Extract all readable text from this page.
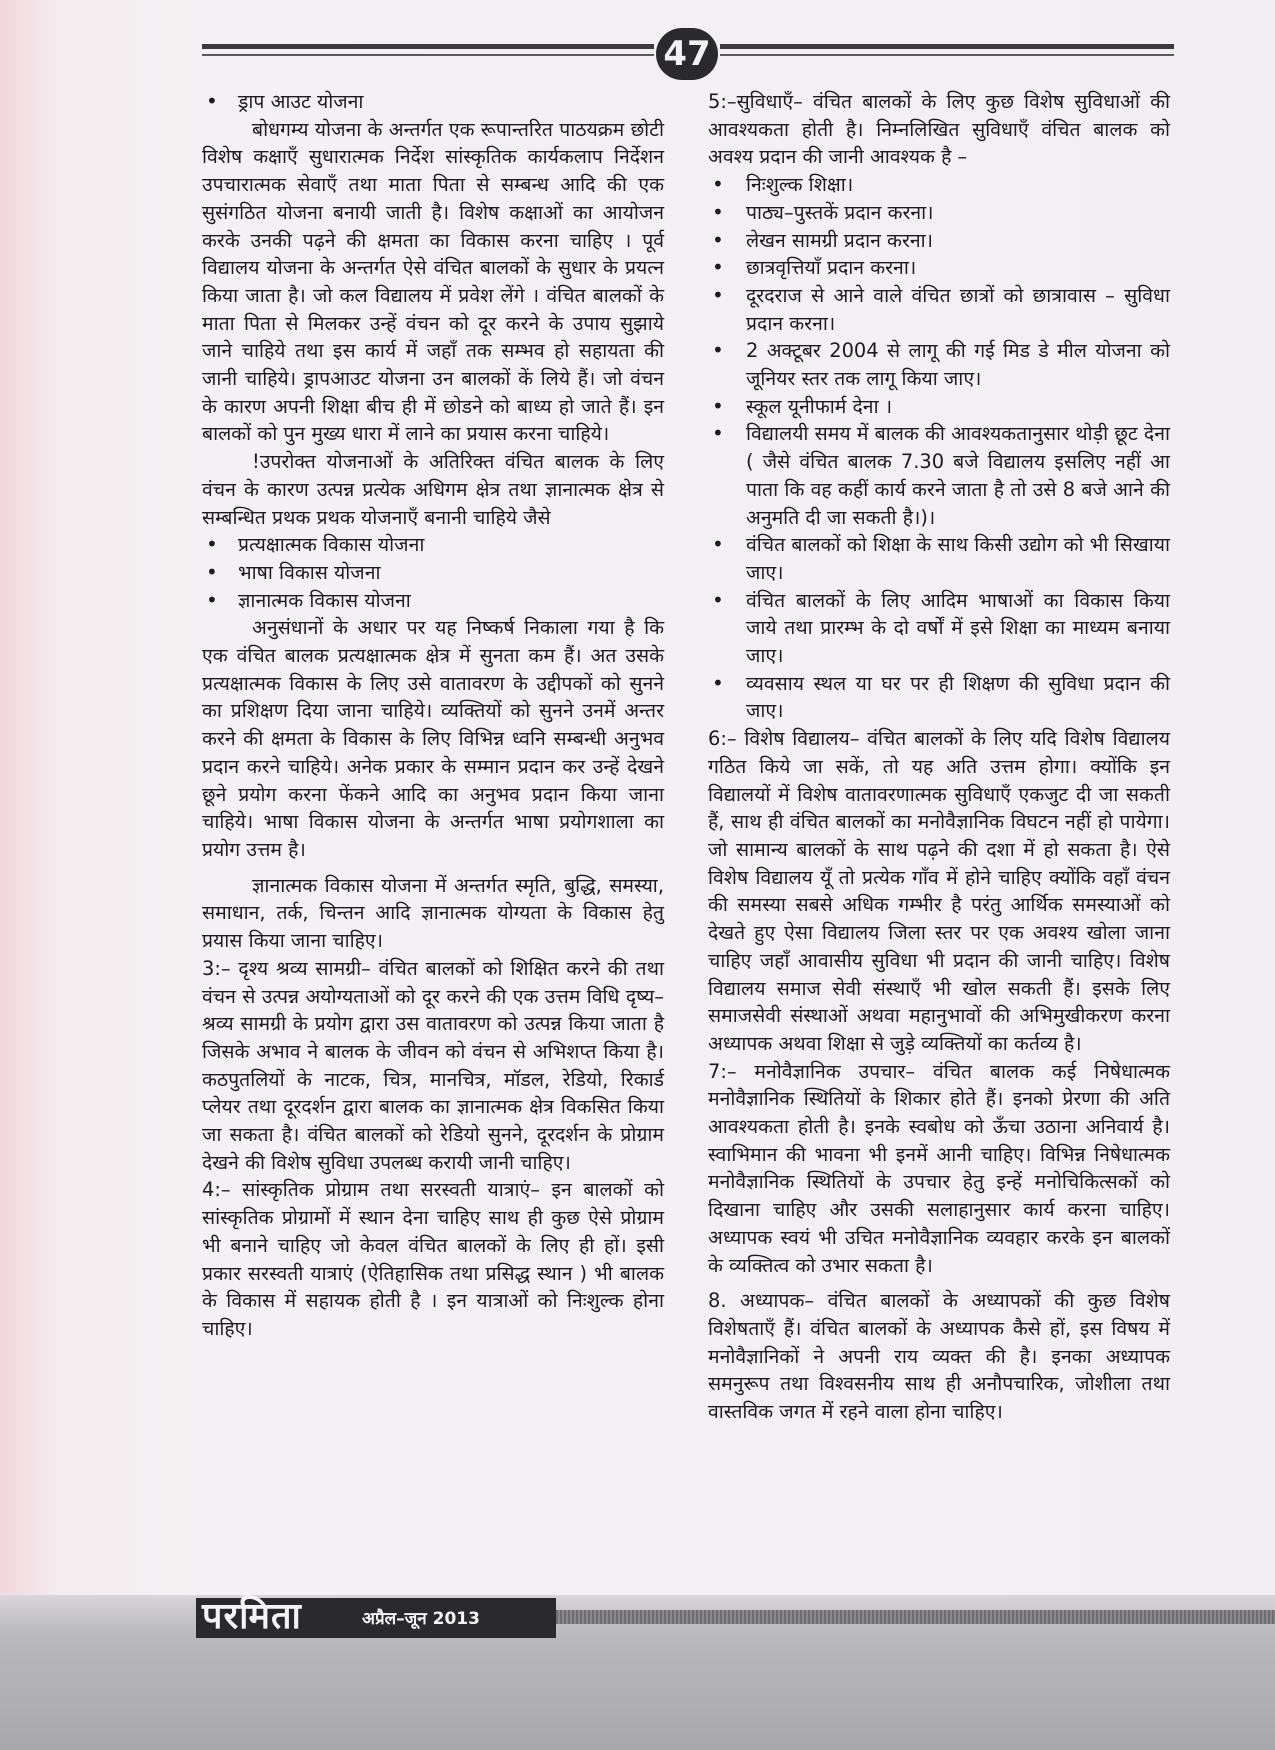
47
• ड्राप आउट योजना

बोधगम्य योजना के अन्तर्गत एक रूपान्तरित पाठयक्रम छोटी विशेष कक्षाएँ सुधारात्मक निर्देश सांस्कृतिक कार्यकलाप निर्देशन उपचारात्मक सेवाएँ तथा माता पिता से सम्बन्ध आदि की एक सुसंगठित योजना बनायी जाती है। विशेष कक्षाओं का आयोजन करके उनकी पढ़ने की क्षमता का विकास करना चाहिए । पूर्व विद्यालय योजना के अन्तर्गत ऐसे वंचित बालकों के सुधार के प्रयत्न किया जाता है। जो कल विद्यालय में प्रवेश लेंगे । वंचित बालकों के माता पिता से मिलकर उन्हें वंचन को दूर करने के उपाय सुझाये जाने चाहिये तथा इस कार्य में जहाँ तक सम्भव हो सहायता की जानी चाहिये। ड्रापआउट योजना उन बालकों कें लिये हैं। जो वंचन के कारण अपनी शिक्षा बीच ही में छोडने को बाध्य हो जाते हैं। इन बालकों को पुन मुख्य धारा में लाने का प्रयास करना चाहिये।

!उपरोक्त योजनाओं के अतिरिक्त वंचित बालक के लिए वंचन के कारण उत्पन्न प्रत्येक अधिगम क्षेत्र तथा ज्ञानात्मक क्षेत्र से सम्बन्धित प्रथक प्रथक योजनाएँ बनानी चाहिये जैसे

• प्रत्यक्षात्मक विकास योजना
• भाषा विकास योजना
• ज्ञानात्मक विकास योजना

अनुसंधानों के अधार पर यह निष्कर्ष निकाला गया है कि एक वंचित बालक प्रत्यक्षात्मक क्षेत्र में सुनता कम हैं। अत उसके प्रत्यक्षात्मक विकास के लिए उसे वातावरण के उद्दीपकों को सुनने का प्रशिक्षण दिया जाना चाहिये। व्यक्तियों को सुनने उनमें अन्तर करने की क्षमता के विकास के लिए विभिन्न ध्वनि सम्बन्धी अनुभव प्रदान करने चाहिये। अनेक प्रकार के सम्मान प्रदान कर उन्हें देखने छूने प्रयोग करना फेंकने आदि का अनुभव प्रदान किया जाना चाहिये। भाषा विकास योजना के अन्तर्गत भाषा प्रयोगशाला का प्रयोग उत्तम है।

ज्ञानात्मक विकास योजना में अन्तर्गत स्मृति, बुद्धि, समस्या, समाधान, तर्क, चिन्तन आदि ज्ञानात्मक योग्यता के विकास हेतु प्रयास किया जाना चाहिए।

3:– दृश्य श्रव्य सामग्री– वंचित बालकों को शिक्षित करने की तथा वंचन से उत्पन्न अयोग्यताओं को दूर करने की एक उत्तम विधि दृष्य–श्रव्य सामग्री के प्रयोग द्वारा उस वातावरण को उत्पन्न किया जाता है जिसके अभाव ने बालक के जीवन को वंचन से अभिशप्त किया है। कठपुतलियों के नाटक, चित्र, मानचित्र, मॉडल, रेडियो, रिकार्ड प्लेयर तथा दूरदर्शन द्वारा बालक का ज्ञानात्मक क्षेत्र विकसित किया जा सकता है। वंचित बालकों को रेडियो सुनने, दूरदर्शन के प्रोग्राम देखने की विशेष सुविधा उपलब्ध करायी जानी चाहिए।

4:– सांस्कृतिक प्रोग्राम तथा सरस्वती यात्राएं– इन बालकों को सांस्कृतिक प्रोग्रामों में स्थान देना चाहिए साथ ही कुछ ऐसे प्रोग्राम भी बनाने चाहिए जो केवल वंचित बालकों के लिए ही हों। इसी प्रकार सरस्वती यात्राएं (ऐतिहासिक तथा प्रसिद्ध स्थान ) भी बालक के विकास में सहायक होती है । इन यात्राओं को निःशुल्क होना चाहिए।

5:–सुविधाएँ– वंचित बालकों के लिए कुछ विशेष सुविधाओं की आवश्यकता होती है। निम्नलिखित सुविधाएँ वंचित बालक को अवश्य प्रदान की जानी आवश्यक है –

• निःशुल्क शिक्षा।
• पाठ्य–पुस्तकें प्रदान करना।
• लेखन सामग्री प्रदान करना।
• छात्रवृत्तियाँ प्रदान करना।
• दूरदराज से आने वाले वंचित छात्रों को छात्रावास – सुविधा प्रदान करना।
• 2 अक्टूबर 2004 से लागू की गई मिड डे मील योजना को जूनियर स्तर तक लागू किया जाए।
• स्कूल यूनीफार्म देना ।
• विद्यालयी समय में बालक की आवश्यकतानुसार थोड़ी छूट देना ( जैसे वंचित बालक 7.30 बजे विद्यालय इसलिए नहीं आ पाता कि वह कहीं कार्य करने जाता है तो उसे 8 बजे आने की अनुमति दी जा सकती है।)।
• वंचित बालकों को शिक्षा के साथ किसी उद्योग को भी सिखाया जाए।
• वंचित बालकों के लिए आदिम भाषाओं का विकास किया जाये तथा प्रारम्भ के दो वर्षों में इसे शिक्षा का माध्यम बनाया जाए।
• व्यवसाय स्थल या घर पर ही शिक्षण की सुविधा प्रदान की जाए।

6:– विशेष विद्यालय– वंचित बालकों के लिए यदि विशेष विद्यालय गठित किये जा सकें, तो यह अति उत्तम होगा। क्योंकि इन विद्यालयों में विशेष वातावरणात्मक सुविधाएँ एकजुट दी जा सकती हैं, साथ ही वंचित बालकों का मनोवैज्ञानिक विघटन नहीं हो पायेगा। जो सामान्य बालकों के साथ पढ़ने की दशा में हो सकता है। ऐसे विशेष विद्यालय यूँ तो प्रत्येक गाँव में होने चाहिए क्योंकि वहाँ वंचन की समस्या सबसे अधिक गम्भीर है परंतु आर्थिक समस्याओं को देखते हुए ऐसा विद्यालय जिला स्तर पर एक अवश्य खोला जाना चाहिए जहाँ आवासीय सुविधा भी प्रदान की जानी चाहिए। विशेष विद्यालय समाज सेवी संस्थाएँ भी खोल सकती हैं। इसके लिए समाजसेवी संस्थाओं अथवा महानुभावों की अभिमुखीकरण करना अध्यापक अथवा शिक्षा से जुड़े व्यक्तियों का कर्तव्य है।

7:– मनोवैज्ञानिक उपचार– वंचित बालक कई निषेधात्मक मनोवैज्ञानिक स्थितियों के शिकार होते हैं। इनको प्रेरणा की अति आवश्यकता होती है। इनके स्वबोध को ऊँचा उठाना अनिवार्य है। स्वाभिमान की भावना भी इनमें आनी चाहिए। विभिन्न निषेधात्मक मनोवैज्ञानिक स्थितियों के उपचार हेतु इन्हें मनोचिकित्सकों को दिखाना चाहिए और उसकी सलाहानुसार कार्य करना चाहिए। अध्यापक स्वयं भी उचित मनोवैज्ञानिक व्यवहार करके इन बालकों के व्यक्तित्व को उभार सकता है।

8. अध्यापक– वंचित बालकों के अध्यापकों की कुछ विशेष विशेषताएँ हैं। वंचित बालकों के अध्यापक कैसे हों, इस विषय में मनोवैज्ञानिकों ने अपनी राय व्यक्त की है। इनका अध्यापक समनुरूप तथा विश्वसनीय साथ ही अनौपचारिक, जोशीला तथा वास्तविक जगत में रहने वाला होना चाहिए।

परमिता	अप्रैल–जून 2013
